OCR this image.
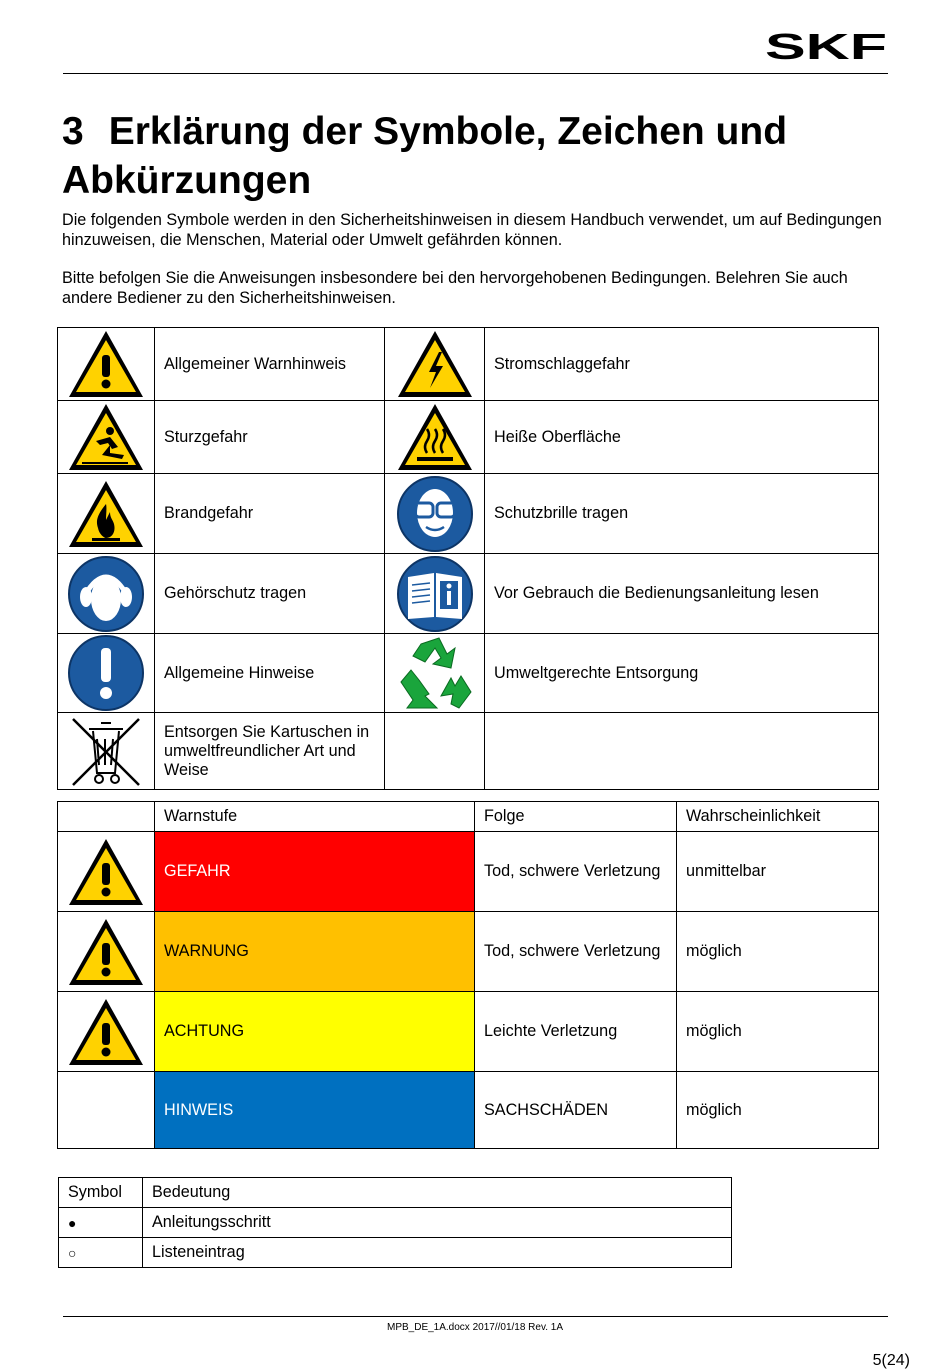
SKF
3 Erklärung der Symbole, Zeichen und Abkürzungen

Die folgenden Symbole werden in den Sicherheitshinweisen in diesem Handbuch verwendet, um auf Bedingungen hinzuweisen, die Menschen, Material oder Umwelt gefährden können.

Bitte befolgen Sie die Anweisungen insbesondere bei den hervorgehobenen Bedingungen. Belehren Sie auch andere Bediener zu den Sicherheitshinweisen.

	Allgemeiner Warnhinweis		Stromschlaggefahr

	Sturzgefahr		Heiße Oberfläche

	Brandgefahr		Schutzbrille tragen

	Gehörschutz tragen		Vor Gebrauch die Bedienungsanleitung lesen

	Allgemeine Hinweise		Umweltgerechte Entsorgung

	Entsorgen Sie Kartuschen in umweltfreundlicher Art und Weise		
	Warnstufe	Folge	Wahrscheinlichkeit

	GEFAHR	Tod, schwere Verletzung	unmittelbar

	WARNUNG	Tod, schwere Verletzung	möglich

	ACHTUNG	Leichte Verletzung	möglich
	HINWEIS	SACHSCHÄDEN	möglich
Symbol	Bedeutung
●	Anleitungsschritt
○	Listeneintrag
MPB_DE_1A.docx 2017//01/18 Rev. 1A
5(24)
